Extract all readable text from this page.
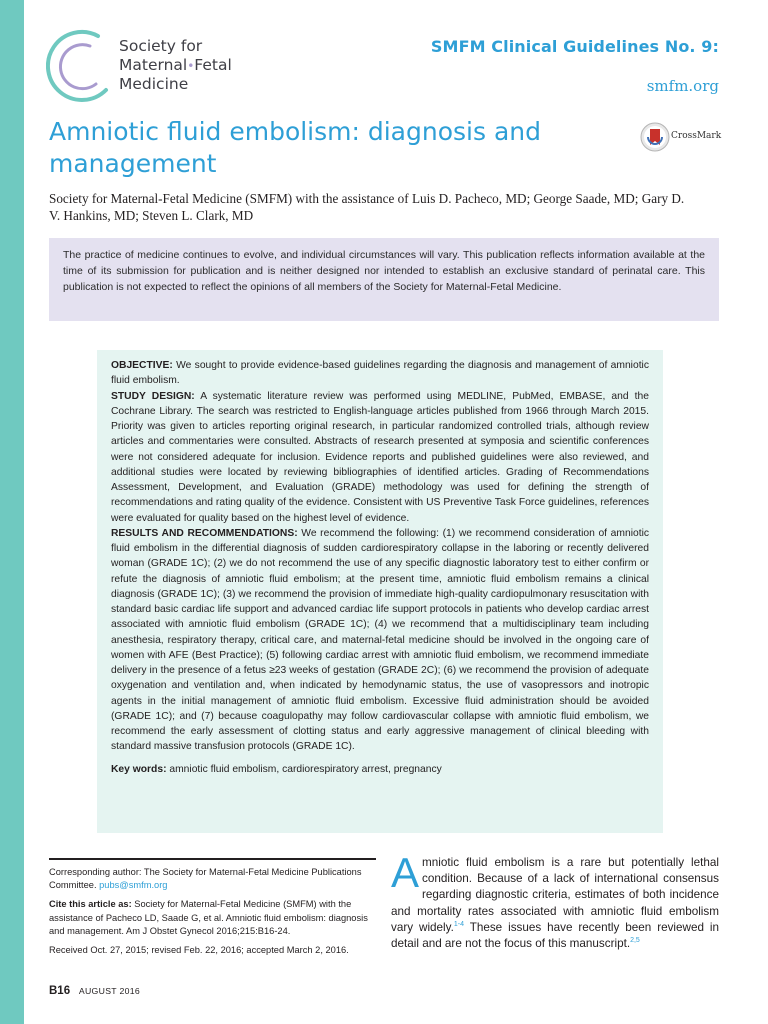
Society for
Maternal•Fetal
Medicine
SMFM Clinical Guidelines No. 9:
smfm.org
CrossMark
Amniotic fluid embolism: diagnosis and management
Society for Maternal-Fetal Medicine (SMFM) with the assistance of Luis D. Pacheco, MD; George Saade, MD; Gary D. V. Hankins, MD; Steven L. Clark, MD

The practice of medicine continues to evolve, and individual circumstances will vary. This publication reflects information available at the time of its submission for publication and is neither designed nor intended to establish an exclusive standard of perinatal care. This publication is not expected to reflect the opinions of all members of the Society for Maternal-Fetal Medicine.

OBJECTIVE: We sought to provide evidence-based guidelines regarding the diagnosis and management of amniotic fluid embolism.
STUDY DESIGN: A systematic literature review was performed using MEDLINE, PubMed, EMBASE, and the Cochrane Library. The search was restricted to English-language articles published from 1966 through March 2015. Priority was given to articles reporting original research, in particular randomized controlled trials, although review articles and commentaries were consulted. Abstracts of research presented at symposia and scientific conferences were not considered adequate for inclusion. Evidence reports and published guidelines were also reviewed, and additional studies were located by reviewing bibliographies of identified articles. Grading of Recommendations Assessment, Development, and Evaluation (GRADE) methodology was used for defining the strength of recommendations and rating quality of the evidence. Consistent with US Preventive Task Force guidelines, references were evaluated for quality based on the highest level of evidence.
RESULTS AND RECOMMENDATIONS: We recommend the following: (1) we recommend consideration of amniotic fluid embolism in the differential diagnosis of sudden cardiorespiratory collapse in the laboring or recently delivered woman (GRADE 1C); (2) we do not recommend the use of any specific diagnostic laboratory test to either confirm or refute the diagnosis of amniotic fluid embolism; at the present time, amniotic fluid embolism remains a clinical diagnosis (GRADE 1C); (3) we recommend the provision of immediate high-quality cardiopulmonary resuscitation with standard basic cardiac life support and advanced cardiac life support protocols in patients who develop cardiac arrest associated with amniotic fluid embolism (GRADE 1C); (4) we recommend that a multidisciplinary team including anesthesia, respiratory therapy, critical care, and maternal-fetal medicine should be involved in the ongoing care of women with AFE (Best Practice); (5) following cardiac arrest with amniotic fluid embolism, we recommend immediate delivery in the presence of a fetus ≥23 weeks of gestation (GRADE 2C); (6) we recommend the provision of adequate oxygenation and ventilation and, when indicated by hemodynamic status, the use of vasopressors and inotropic agents in the initial management of amniotic fluid embolism. Excessive fluid administration should be avoided (GRADE 1C); and (7) because coagulopathy may follow cardiovascular collapse with amniotic fluid embolism, we recommend the early assessment of clotting status and early aggressive management of clinical bleeding with standard massive transfusion protocols (GRADE 1C).
Key words: amniotic fluid embolism, cardiorespiratory arrest, pregnancy

Corresponding author: The Society for Maternal-Fetal Medicine Publications Committee. pubs@smfm.org

Cite this article as: Society for Maternal-Fetal Medicine (SMFM) with the assistance of Pacheco LD, Saade G, et al. Amniotic fluid embolism: diagnosis and management. Am J Obstet Gynecol 2016;215:B16-24.

Received Oct. 27, 2015; revised Feb. 22, 2016; accepted March 2, 2016.

Amniotic fluid embolism is a rare but potentially lethal condition. Because of a lack of international consensus regarding diagnostic criteria, estimates of both incidence and mortality rates associated with amniotic fluid embolism vary widely.$^{1-4}$ These issues have recently been reviewed in detail and are not the focus of this manuscript.$^{2,5}$
B16 AUGUST 2016
